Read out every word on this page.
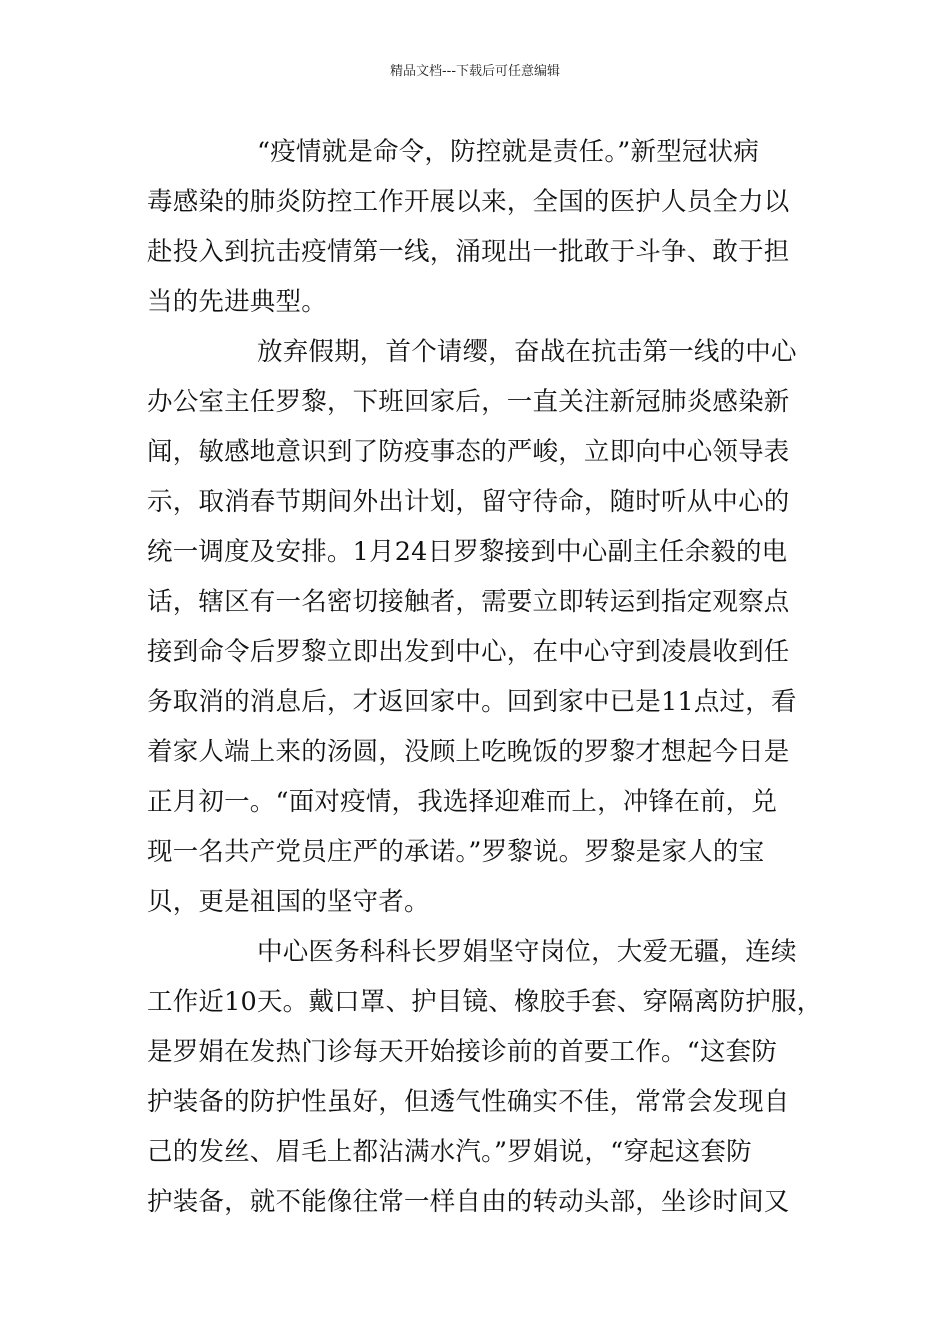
精品文档---下载后可任意编辑
“疫情就是命令，防控就是责任。”新型冠状病
毒感染的肺炎防控工作开展以来，全国的医护人员全力以
赴投入到抗击疫情第一线，涌现出一批敢于斗争、敢于担
当的先进典型。
放弃假期，首个请缨，奋战在抗击第一线的中心
办公室主任罗黎，下班回家后，一直关注新冠肺炎感染新
闻，敏感地意识到了防疫事态的严峻，立即向中心领导表
示，取消春节期间外出计划，留守待命，随时听从中心的
统一调度及安排。1月24日罗黎接到中心副主任余毅的电
话，辖区有一名密切接触者，需要立即转运到指定观察点
接到命令后罗黎立即出发到中心，在中心守到凌晨收到任
务取消的消息后，才返回家中。回到家中已是11点过，看
着家人端上来的汤圆，没顾上吃晚饭的罗黎才想起今日是
正月初一。“面对疫情，我选择迎难而上，冲锋在前，兑
现一名共产党员庄严的承诺。”罗黎说。罗黎是家人的宝
贝，更是祖国的坚守者。
中心医务科科长罗娟坚守岗位，大爱无疆，连续
工作近10天。戴口罩、护目镜、橡胶手套、穿隔离防护服，
是罗娟在发热门诊每天开始接诊前的首要工作。“这套防
护装备的防护性虽好，但透气性确实不佳，常常会发现自
己的发丝、眉毛上都沾满水汽。”罗娟说，“穿起这套防
护装备，就不能像往常一样自由的转动头部，坐诊时间又
